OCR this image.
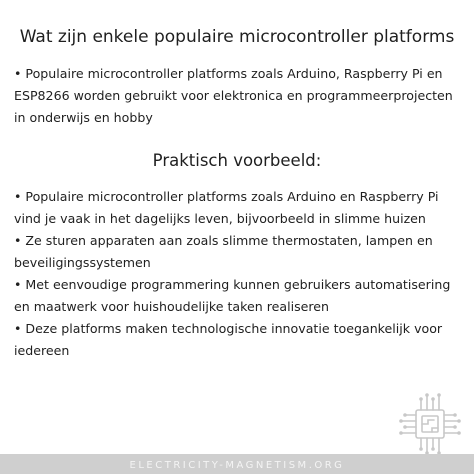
Wat zijn enkele populaire microcontroller platforms

• Populaire microcontroller platforms zoals Arduino, Raspberry Pi en ESP8266 worden gebruikt voor elektronica en programmeerprojecten in onderwijs en hobby

Praktisch voorbeeld:

• Populaire microcontroller platforms zoals Arduino en Raspberry Pi vind je vaak in het dagelijks leven, bijvoorbeeld in slimme huizen

• Ze sturen apparaten aan zoals slimme thermostaten, lampen en beveiligingssystemen

• Met eenvoudige programmering kunnen gebruikers automatisering en maatwerk voor huishoudelijke taken realiseren

• Deze platforms maken technologische innovatie toegankelijk voor iedereen

ELECTRICITY-MAGNETISM.ORG
